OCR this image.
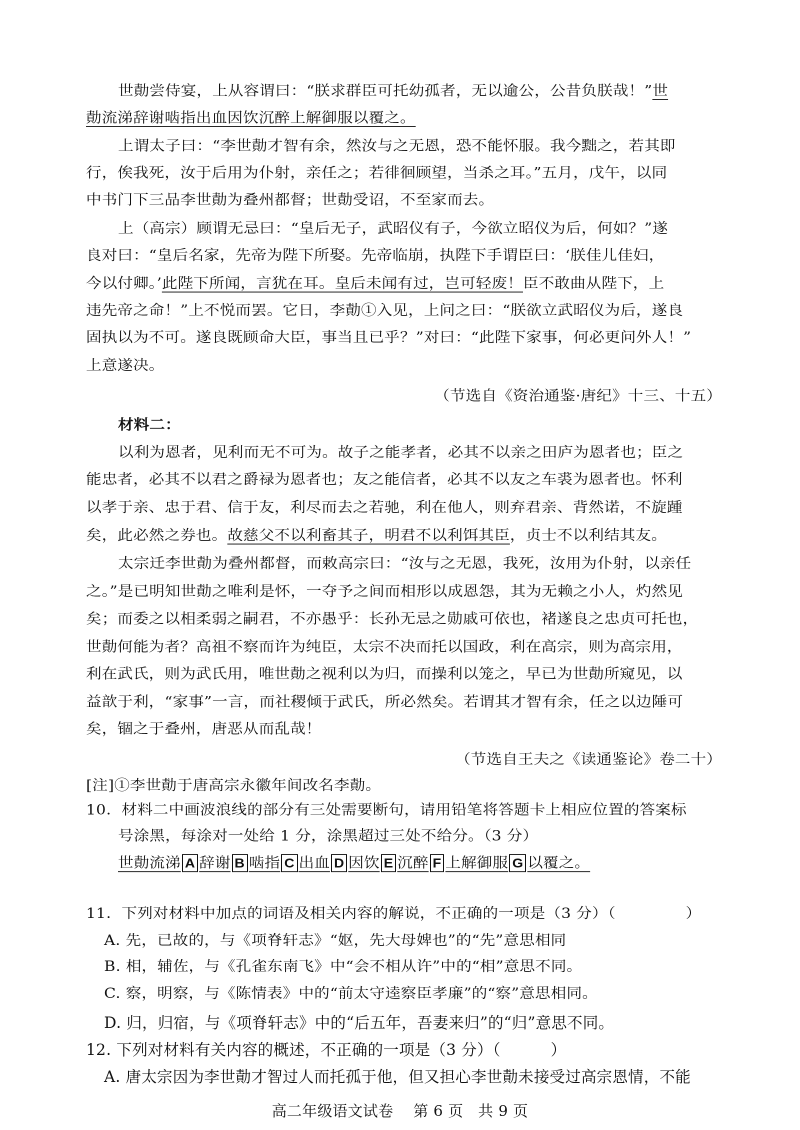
世勣尝侍宴，上从容谓曰：“朕求群臣可托幼孤者，无以逾公，公昔负朕哉！”世
勣流涕辞谢啮指出血因饮沉醉上解御服以覆之。
上谓太子曰：“李世勣才智有余，然汝与之无恩，恐不能怀服。我今黜之，若其即
行，俟我死，汝于后用为仆射，亲任之；若徘徊顾望，当杀之耳。”五月，戊午，以同
中书门下三品李世勣为叠州都督；世勣受诏，不至家而去。
上（高宗）顾谓无忌曰：“皇后无子，武昭仪有子，今欲立昭仪为后，何如？”遂
良对曰：“皇后名家，先帝为陛下所娶。先帝临崩，执陛下手谓臣曰：‘朕佳儿佳妇，
今以付卿。’此陛下所闻，言犹在耳。皇后未闻有过，岂可轻废！臣不敢曲从陛下，上
违先帝之命！”上不悦而罢。它日，李勣①入见，上问之曰：“朕欲立武昭仪为后，遂良
固执以为不可。遂良既顾命大臣，事当且已乎？”对曰：“此陛下家事，何必更问外人！”
上意遂决。
（节选自《资治通鉴·唐纪》十三、十五）
材料二：
以利为恩者，见利而无不可为。故子之能孝者，必其不以亲之田庐为恩者也；臣之
能忠者，必其不以君之爵禄为恩者也；友之能信者，必其不以友之车裘为恩者也。怀利
以孝于亲、忠于君、信于友，利尽而去之若驰，利在他人，则弃君亲、背然诺，不旋踵
矣，此必然之券也。故慈父不以利畜其子，明君不以利饵其臣，贞士不以利结其友。
太宗迁李世勣为叠州都督，而敕高宗曰：“汝与之无恩，我死，汝用为仆射，以亲任
之。”是已明知世勣之唯利是怀，一夺予之间而相形以成恩怨，其为无赖之小人，灼然见
矣；而委之以相柔弱之嗣君，不亦愚乎：长孙无忌之勋戚可依也，褚遂良之忠贞可托也，
世勣何能为者？高祖不察而许为纯臣，太宗不决而托以国政，利在高宗，则为高宗用，
利在武氏，则为武氏用，唯世勣之视利以为归，而操利以笼之，早已为世勣所窥见，以
益歆于利，“家事”一言，而社稷倾于武氏，所必然矣。若谓其才智有余，任之以边陲可
矣，锢之于叠州，唐恶从而乱哉！
（节选自王夫之《读通鉴论》卷二十）
[注]①李世勣于唐高宗永徽年间改名李勣。
10.  材料二中画波浪线的部分有三处需要断句，请用铅笔将答题卡上相应位置的答案标
号涂黑，每涂对一处给 1 分，涂黑超过三处不给分。（3 分）
世勣流涕 A 辞谢 B 啮指 C 出血 D 因饮 E 沉醉 F 上解御服 G 以覆之。
11.  下列对材料中加点的词语及相关内容的解说，不正确的一项是（3 分）（	）
A. 先，已故的，与《项脊轩志》“妪，先大母婢也”的“先”意思相同
B. 相，辅佐，与《孔雀东南飞》中“会不相从许”中的“相”意思不同。
C. 察，明察，与《陈情表》中的“前太守逵察臣孝廉”的“察”意思相同。
D. 归，归宿，与《项脊轩志》中的“后五年，吾妻来归”的“归”意思不同。
12. 下列对材料有关内容的概述，不正确的一项是（3 分）（	）
A. 唐太宗因为李世勣才智过人而托孤于他，但又担心李世勣未接受过高宗恩情，不能
高二年级语文试卷    第 6 页   共 9 页
